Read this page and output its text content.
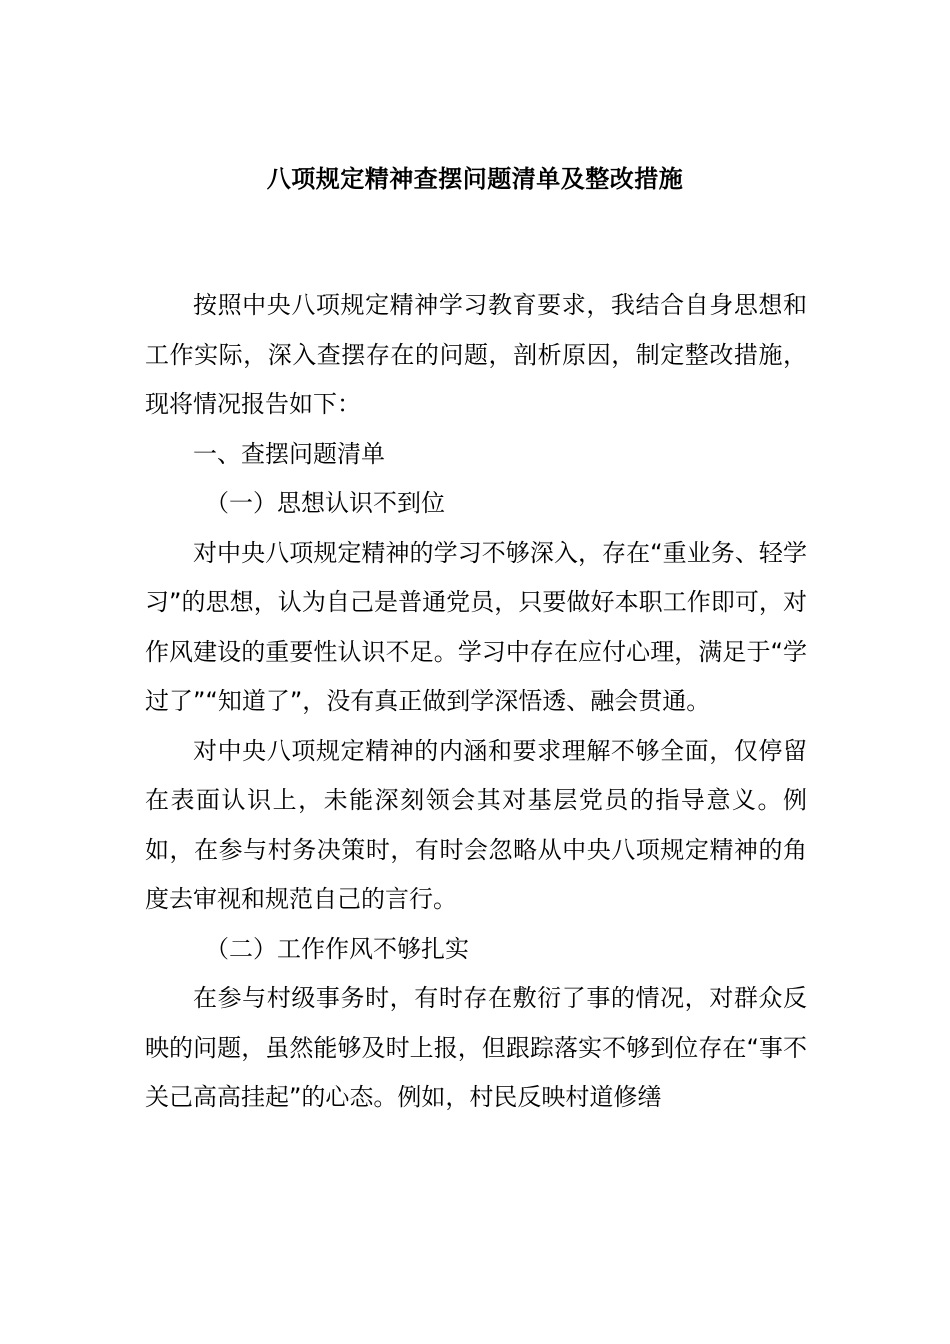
八项规定精神查摆问题清单及整改措施

按照中央八项规定精神学习教育要求，我结合自身思想和工作实际，深入查摆存在的问题，剖析原因，制定整改措施，现将情况报告如下：

一、查摆问题清单

（一）思想认识不到位

对中央八项规定精神的学习不够深入，存在“重业务、轻学习”的思想，认为自己是普通党员，只要做好本职工作即可，对作风建设的重要性认识不足。学习中存在应付心理，满足于“学过了”“知道了”，没有真正做到学深悟透、融会贯通。

对中央八项规定精神的内涵和要求理解不够全面，仅停留在表面认识上，未能深刻领会其对基层党员的指导意义。例如，在参与村务决策时，有时会忽略从中央八项规定精神的角度去审视和规范自己的言行。

（二）工作作风不够扎实

在参与村级事务时，有时存在敷衍了事的情况，对群众反映的问题，虽然能够及时上报，但跟踪落实不够到位存在“事不关己高高挂起”的心态。例如，村民反映村道修缮
